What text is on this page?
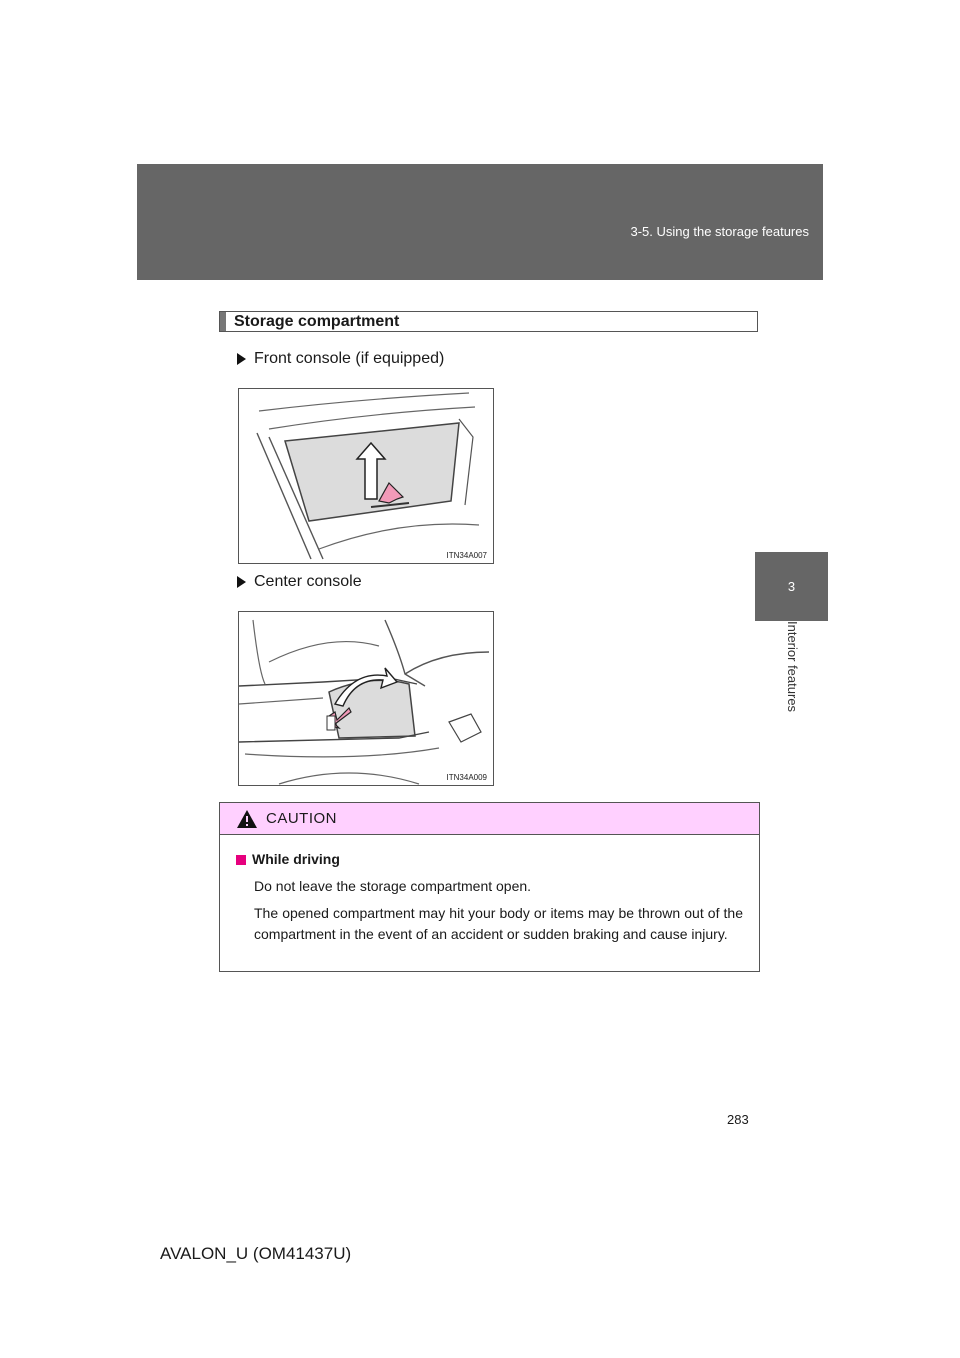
3-5. Using the storage features
3
Interior features
Storage compartment
Front console (if equipped)
ITN34A007
Center console
ITN34A009
CAUTION
While driving
Do not leave the storage compartment open.
The opened compartment may hit your body or items may be thrown out of the compartment in the event of an accident or sudden braking and cause injury.
283
AVALON_U (OM41437U)
